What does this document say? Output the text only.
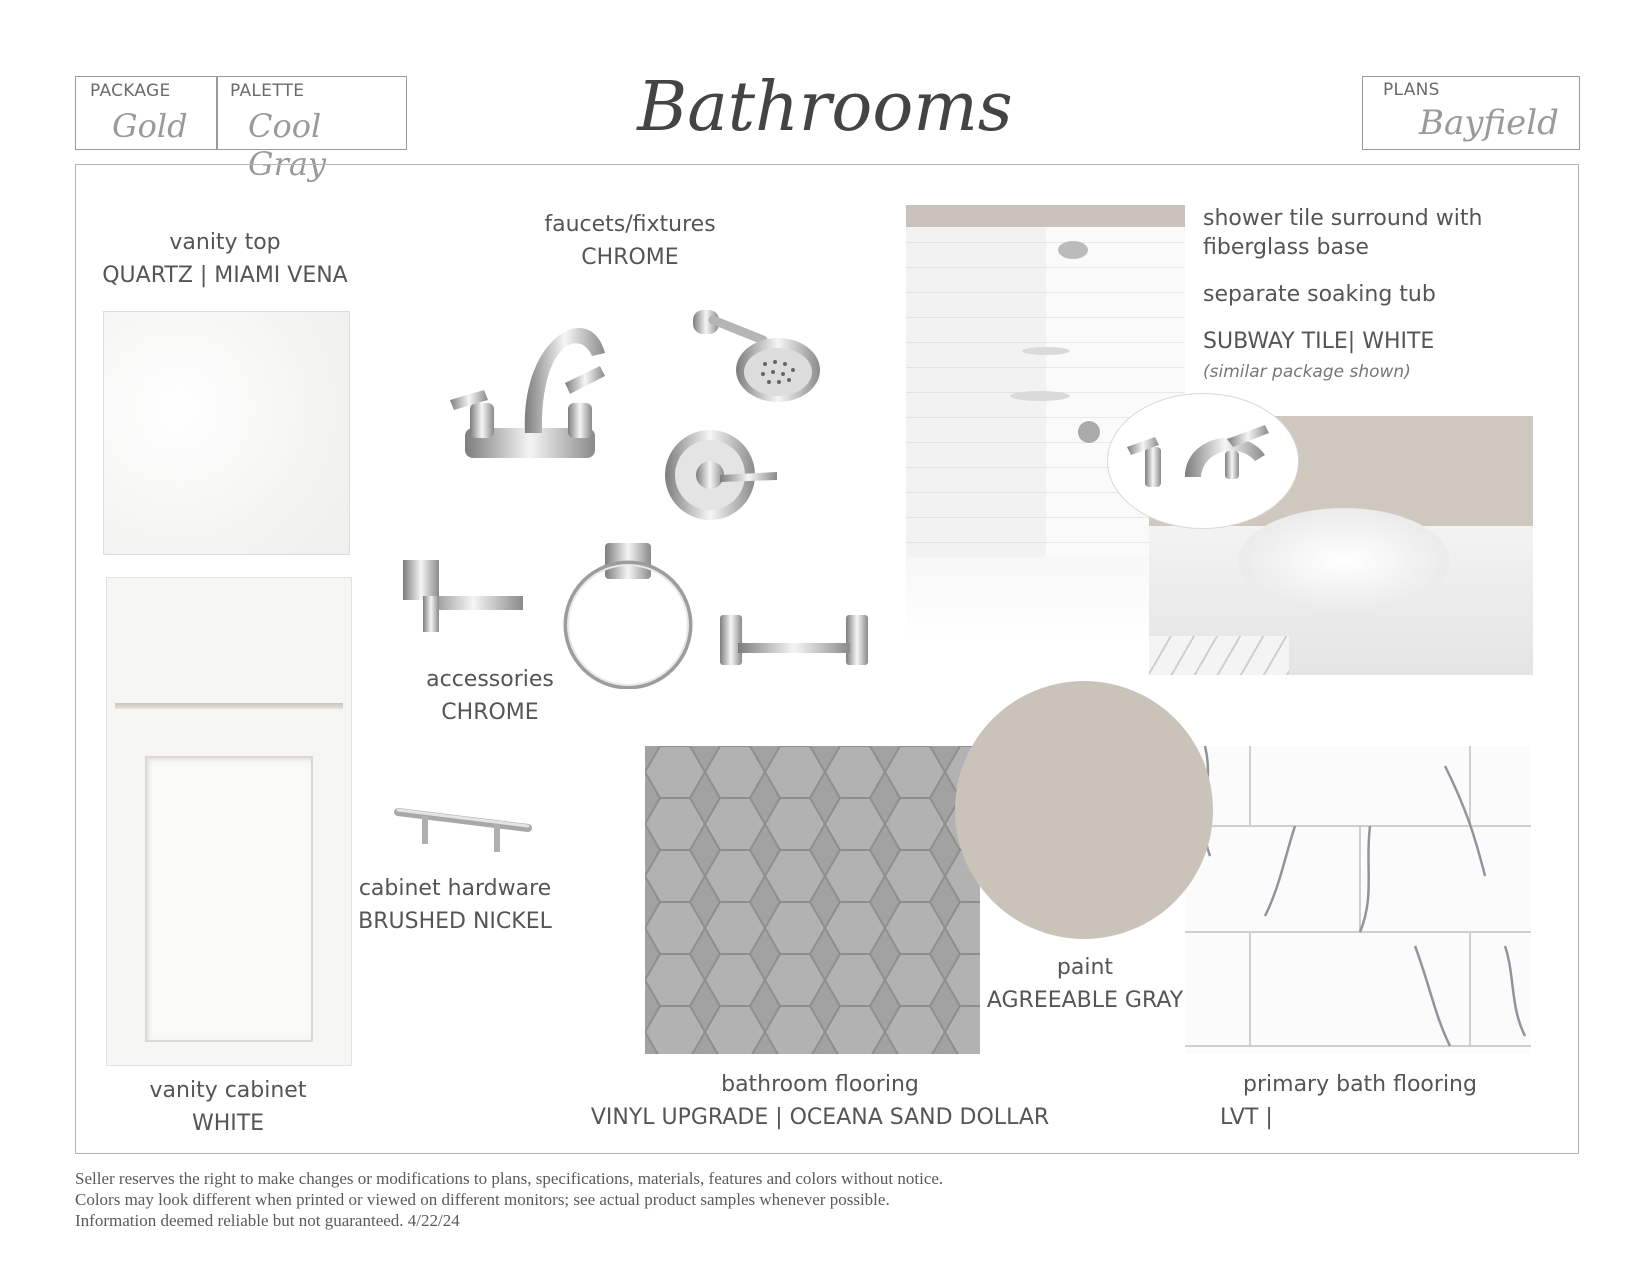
PACKAGE
Gold
PALETTE
Cool Gray
Bathrooms	PLANS
Bayfield
vanity top
QUARTZ | MIAMI VENA
vanity cabinet
WHITE
faucets/fixtures
CHROME
accessories
CHROME
cabinet hardware
BRUSHED NICKEL
shower tile surround with
fiberglass base
separate soaking tub
SUBWAY TILE| WHITE
(similar package shown)
bathroom flooring
VINYL UPGRADE | OCEANA SAND DOLLAR
paint
AGREEABLE GRAY
primary bath flooring
LVT |
Seller reserves the right to make changes or modifications to plans, specifications, materials, features and colors without notice.
Colors may look different when printed or viewed on different monitors; see actual product samples whenever possible.
Information deemed reliable but not guaranteed. 4/22/24
